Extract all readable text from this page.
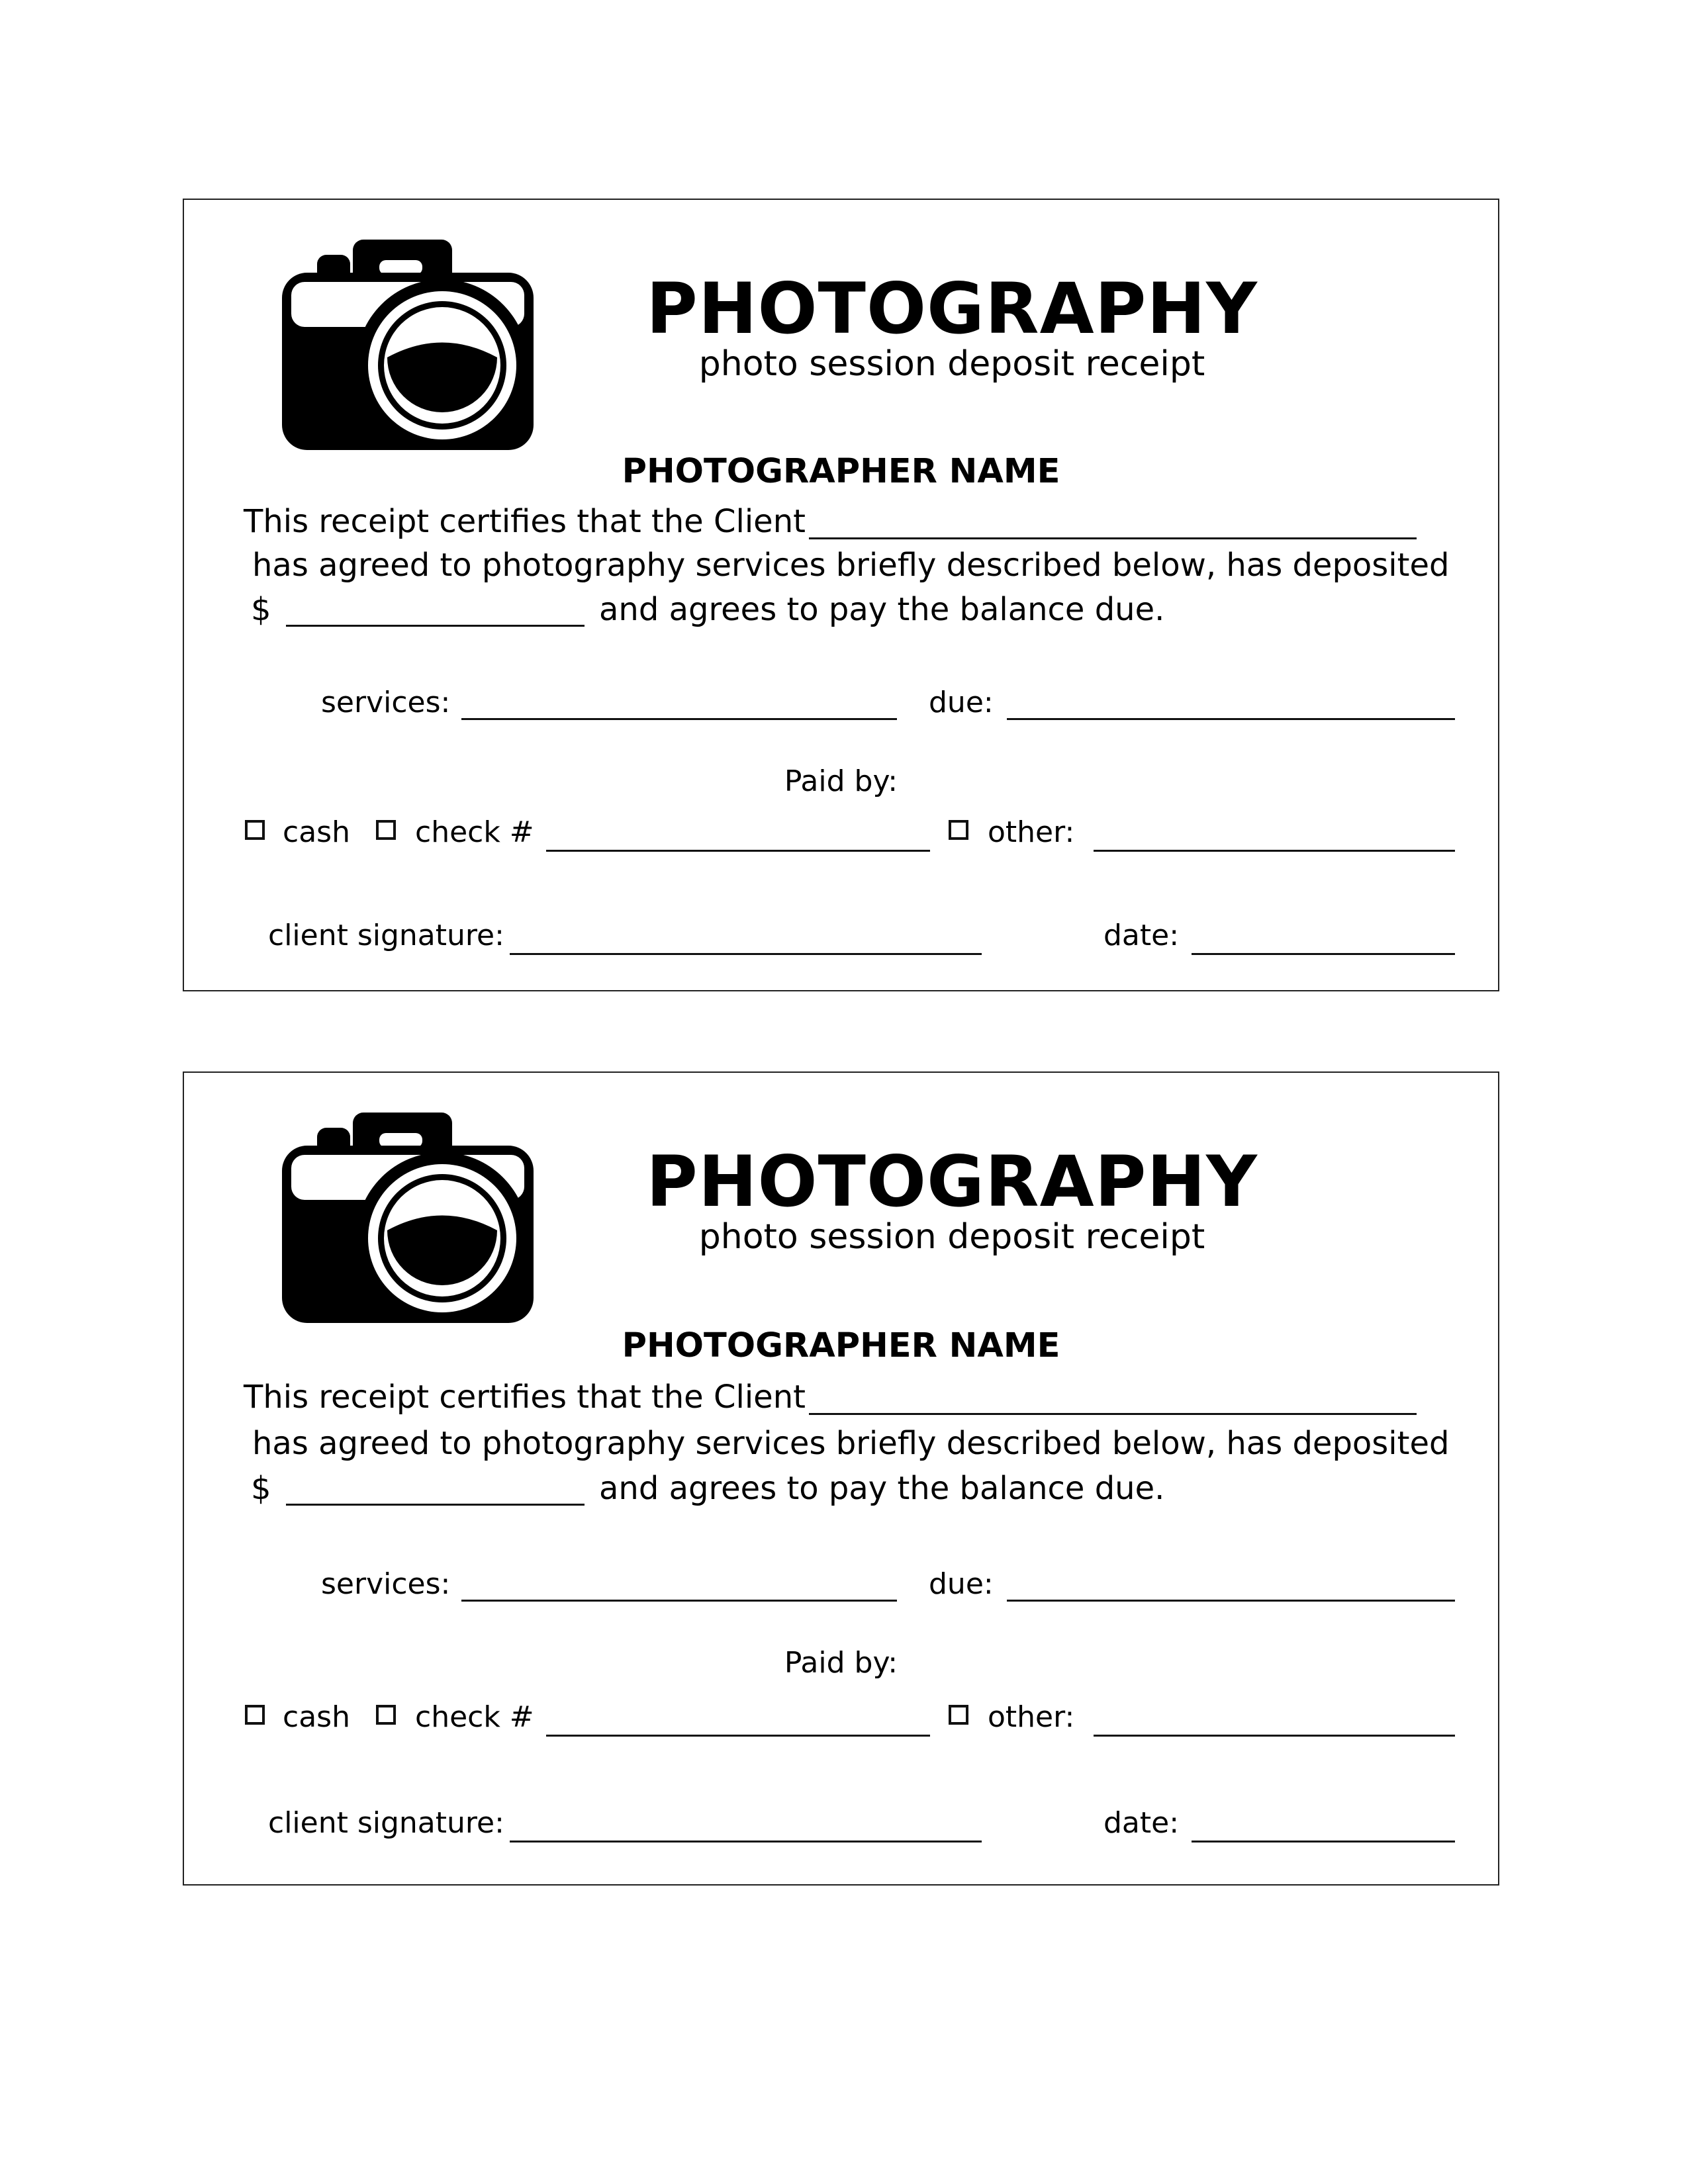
PHOTOGRAPHY
photo session deposit receipt
PHOTOGRAPHER NAME
This receipt certifies that the Client
has agreed to photography services briefly described below, has deposited
$	and agrees to pay the balance due.
services:	due:
Paid by:
cash check #	other:
client signature:	date:
PHOTOGRAPHY
photo session deposit receipt
PHOTOGRAPHER NAME
This receipt certifies that the Client
has agreed to photography services briefly described below, has deposited
$	and agrees to pay the balance due.
services:	due:
Paid by:
cash check #	other:
client signature:	date:
